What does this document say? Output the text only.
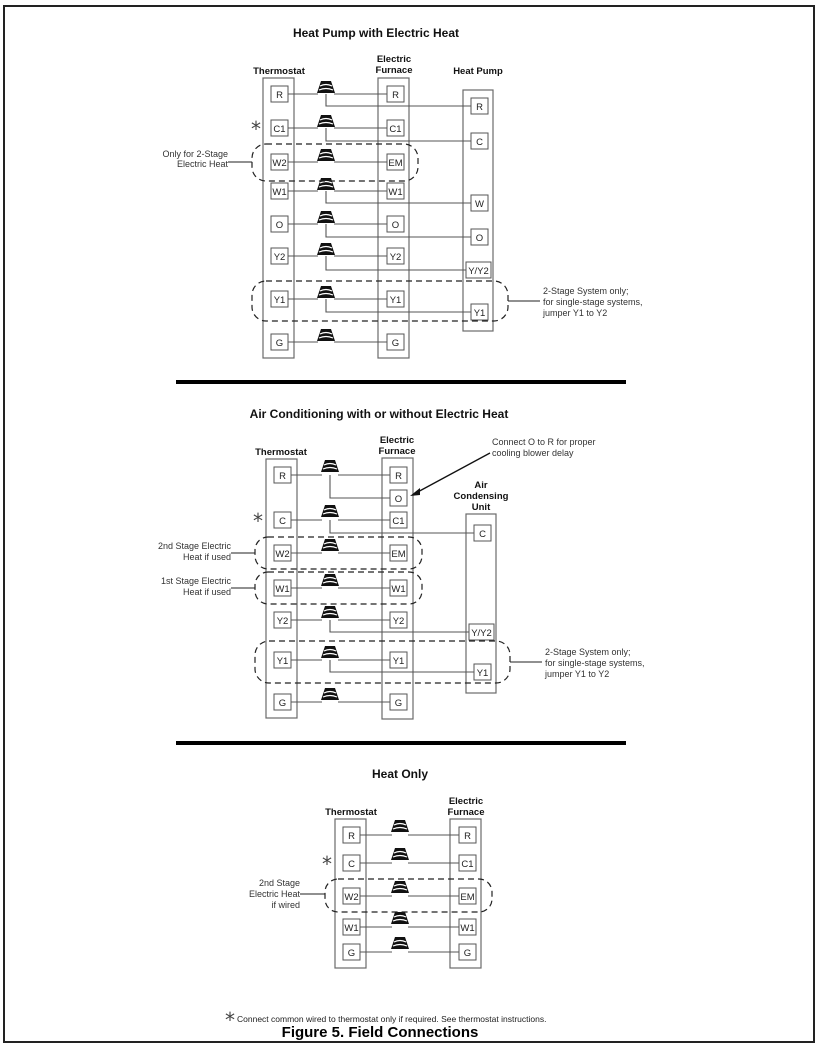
Heat Pump with Electric Heat
Thermostat
Electric
Furnace	Heat Pump
R
C1
W2
W1
O
Y2
Y1
G
R
C1
EM
W1
O
Y2
Y1
G
R
C
W
O
Y/Y2
Y1
*
Only for 2-Stage
Electric Heat
2-Stage System only;
for single-stage systems,
jumper Y1 to Y2
Air Conditioning with or without Electric Heat
Thermostat
Electric
Furnace
Air
Condensing
Unit
R
C
W2
W1
Y2
Y1
G
R
O
C1
EM
W1
Y2
Y1
G
C
Y/Y2
Y1
*
Connect O to R for proper
cooling blower delay
2nd Stage Electric
Heat if used
1st Stage Electric
Heat if used
2-Stage System only;
for single-stage systems,
jumper Y1 to Y2
Heat Only
Thermostat
Electric
Furnace
R
C
W2
W1
G
R
C1
EM
W1
G
*
2nd Stage
Electric Heat
if wired
* Connect common wired to thermostat only if required. See thermostat instructions.
Figure 5. Field Connections
